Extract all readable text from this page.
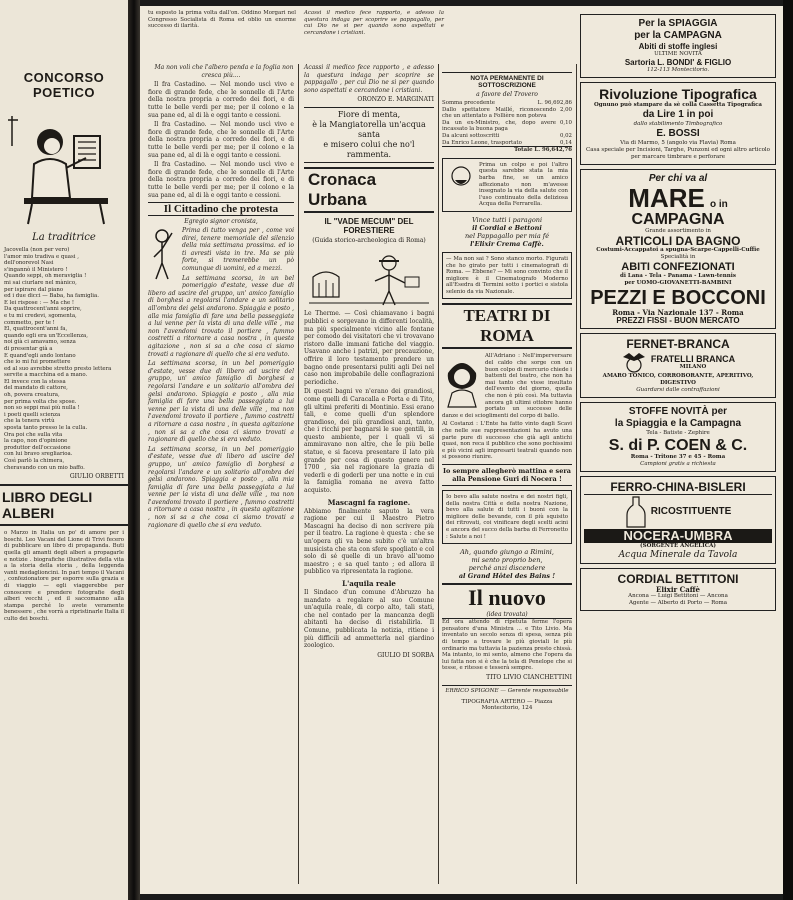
CONCORSO POETICO
La traditrice
Jacovella (non per vero)
l'amor mio tradiva e quasi ,
dell'onorevol Nasi
s'ingannò il Ministero !
Quando seppi, oh meraviglia !
mi sai ciurlare nel mànico,
per ispirare dal piano
ed i due dicci — Baba, ha famiglia.
E lei rispose : — Ma che !
Da quattrocent'anni soprire,
e tu mi credevi, sgomenta,
commetto, per te !
El, quattrocent'anni fa,
quando egli era un'Eccellenza,
noi già ci amavamo, senza
di presentar già a
E quand'egli ando lontano
che io mi fui promettere
ed al suo avrebbe stretto presto lettera
servite a macchina ed a mano.
El invece con la stessa
del mandato di cattore,
oh, povera creatura,
per prima volta che spose.
non so seppi mai più nulla !
i poeti quelli scienza
che la tenera virtù
sposta tanto presso le la culla.
Ora poi che sulla vita
la capo, non d'opinione
produttor dell'occasione
con lui bravo sregliarioa.
Così parlò la chimera,
cheravando con un mio baffo.
GIULIO ORBETTI
LIBRO DEGLI ALBERI
o Marzo in Italia un po' di amore per i boschi. Leo Vacani del Lione di Trivi fecero di pubblicare un libro di propaganda. Buti quella gli amanti degli alberi a propagarle e notizie . biografiche illustrative della vita a la storia della storia , della leggenda vanti medaglioncini. In pari tempo il Vacani , confezionatore per esporre sulla grazia e di viaggio — egli viaggerebbe per conoscere e prendere fotografie degli alberi vecchi , ed il saccomanno alla stampa perché lo avete veramente benessere , che vorrà a ripristinarle Italia il culto dei boschi.
tu esposto la prima volta dall'on. Oddino Morgari nel Congresso Socialista di Roma ed oblio un enorme successo di ilarità.
Acassi il medico fece rapporto, e adesso la questura indaga per scoprire se pappagallo, per cui Dio ne si per quando sono aspettati e cercandone i cristiani.

Ma non voli che l'albero penda e la foglia non cresca più....

Il fra Castadino. — Nel mondo uscì vivo e fiore di grande fede, che le sonnelle di l'Arte della nostra propria a corredo dei fiori, e di tutte le belle verdi per me; per il colono e la sua pane ed, al di là e oggi tanto e cessioni.

Il fra Castadino. — Nel mondo uscì vivo e fiore di grande fede, che le sonnelle di l'Arte della nostra propria a corredo dei fiori, e di tutte le belle verdi per me; per il colono e la sua pane ed, al di là e oggi tanto e cessioni.

Il fra Castadino. — Nel mondo uscì vivo e fiore di grande fede, che le sonnelle di l'Arte della nostra propria a corredo dei fiori, e di tutte le belle verdi per me; per il colono e la sua pane ed, al di là e oggi tanto e cessioni.

Il Cittadino che protesta
Egregio signor cronista,
Prima di tutto venga per , come voi direi, tenere memoriale del silenzio della mia settimana prossima. ed io ti avresti vista in tre. Ma se più forte, si tremerebbe un pò comunque di uomini, ed a mezzi.
La settimana scorsa, in un bel pomeriggio d'estate, vesse due di libero ad uscire del gruppo, un' amico famiglio di borghesi a regolarsi l'andare e un solitario all'ombra dei gelsi andarono. Spiaggia e posto , alla mia famiglia di fare una bella passeggiata a lui venne per la vista di una delle ville , ma non l'avendomi trovato il portiere , fummo costretti a ritornare a casa nostra , in questa agitazione , non si sa a che cosa ci siamo trovati a ragionare di quello che si era veduto.
La settimana scorsa, in un bel pomeriggio d'estate, vesse due di libero ad uscire del gruppo, un' amico famiglio di borghesi a regolarsi l'andare e un solitario all'ombra dei gelsi andarono. Spiaggia e posto , alla mia famiglia di fare una bella passeggiata a lui venne per la vista di una delle ville , ma non l'avendomi trovato il portiere , fummo costretti a ritornare a casa nostra , in questa agitazione , non si sa a che cosa ci siamo trovati a ragionare di quello che si era veduto.
La settimana scorsa, in un bel pomeriggio d'estate, vesse due di libero ad uscire del gruppo, un' amico famiglio di borghesi a regolarsi l'andare e un solitario all'ombra dei gelsi andarono. Spiaggia e posto , alla mia famiglia di fare una bella passeggiata a lui venne per la vista di una delle ville , ma non l'avendomi trovato il portiere , fummo costretti a ritornare a casa nostra , in questa agitazione , non si sa a che cosa ci siamo trovati a ragionare di quello che si era veduto.
Acassi il medico fece rapporto , e adesso la questura indaga per scoprire se pappagallo , per cui Dio ne si per quando sono aspettati e cercandone i cristiani.
ORONZO E. MARGINATI
Fiore di menta,
è la Mangiatorella un'acqua santa
e misero colui che no'l rammenta.
Cronaca Urbana
IL "VADE MECUM" DEL FORESTIERE
(Guida storico-archeologica di Roma)
Le Therme. — Così chiamavano i bagni pubblici e sorgevano in differenti località, ma più specialmente vicino alle fontane per comodo dei visitatori che vi trovavano ristoro dalle immani fatiche del viaggio. Usavano anche i patrizi, per precauzione, offrire il loro testamento prendere un bagno onde presentarsi puliti agli Dei nel caso non improbabile delle conflagrazioni periodiche.
Di questi bagni ve n'erano dei grandiosi, come quelli di Caracalla e Porta e di Tito, gli ultimi preferiti di Montinio. Essi erano tali, e come quelli d'un splendore grandioso, dei più grandiosi anzi, tanto, che i ricchi per bagnarsi le sue gentili, in questo ambiente, per i quali vi si ammiravano non altre, che le più belle statue, e si faceva presentare il lato più grande per cosa di questo genere nel 1700 , sia nel ragionare la grazia di vederli e di goderli per una notte e in cui la famiglia romana ne aveva fatto acquisto.
Mascagni fa ragione.
Abbiamo finalmente saputo la vera ragione per cui il Maestro Pietro Mascagni ha deciso di non scrivere più per il teatro. La ragione è questa : che se un'opera gli va bene subito c'è un'altra musicista che sta con sfere spogliato e col solo di sé quelle di un bravo all'uomo maestro ; e sa quel tanto ; ed allora il pubblico va ripresentata la ragione.
L'aquila reale
Il Sindaco d'un comune d'Abruzzo ha mandato a regalare al suo Comune un'aquila reale, di corpo alto, tali stati, che nel contado per la mancanza degli abitanti ha deciso di ristabilirla. Il Comune, pubblicata la notizia, ritiene i più difficili ad ammetterla nel giardino zoologico.
GIULIO DI SORBA
NOTA PERMANENTE DI SOTTOSCRIZIONE
a favore del Trovero
Somma precedente	L. 96,692,86
Dallo spettatore Maillé, riconoscendo che un attentato a Follière non poteva
2,00
Da un ex-Ministro, che, dopo avere incassato la buona paga
0,10
Da alcuni sottoscritti	0,02
Da Enrico Leone, trasportato	0,14
Totale L. 96,642,76
Prima un colpo e poi l'altro questa sarebbe stata la mia barba fine, se un amico affezionato non m'avesse insegnato la via della salute con l'uso continuato della deliziosa Acqua della Ferrarella.
Vince tutti i paragoni
il Cordial e Bettoni
nel Pappagallo per mia fé
l'Elixir Crema Caffè.
— Ma non sai ? Sono stanco morto. Figurati che ho girato per tutti i cinematografi di Roma. — Ebbene? — Mi sono convinto che il migliore è il Cinematografo Moderno all'Esedra di Termini sotto i portici e sistola selenio da via Nazionale.
TEATRI DI ROMA
All'Adriano : Nell'imperversare del caldo che sorge con un buon colpo di mercurio chiede i battenti del teatro, che non ha mai tanto che visse insultato dell'evento del giorno, quella che non è più così. Ma tuttavia ancora gli ultimi ottobre hanno portato un successo delle danze e dei scioglimenti del corpo di ballo.
Al Costanzi : L'Ente ha fatto vinto dagli Scavi che nelle sue rappresentazioni ha avuto una parte pure di successo che già agli antichi quasi, non reca il pubblico che sono pochissimi e più vicini agli impresarii teatrali quando non si possono riunire.
Io sempre allegherò mattina e sera alla Pensione Guri di Nocera !
Io bevo alla salute nostra e dei nostri figli, della nostra Città e della nostra Nazione, bevo alla salute di tutti i buoni con la migliore delle bevande, con il più squisito dei ritrovati, coi vinificare degli scelti acini e ancora del succo della barba di Ferronetto : Salute a noi !
Ah, quando giungo a Rimini,
mi sento proprio ben,
perché anzi discendere
al Grand Hôtel des Bains !
Il nuovo
(idea trovata)
Ed ora attendo di ripetuta ferme l'opera pensatore d'una Ministra ... e Tito Livio. Ma inventato un secolo senza di spesa, senza più di tempo a trovare le più gioviali le più ordinario ma tuttavia la pazienza presto chissà. Ma intanto, io mi sento, almeno che l'opera da lui fatta non si è che la tela di Penelope che si tesse, e ritesse e tesserà sempre.
TITO LIVIO CIANCHETTINI
ERRICO SPIGONE — Gerente responsabile
TIPOGRAFIA ARTERO — Piazza Montecitorio, 124
Per la SPIAGGIA
per la CAMPAGNA
Abiti di stoffe inglesi
ULTIME NOVITÀ
Sartoria L. BONDI' & FIGLIO
112-113 Montecitorio.
Rivoluzione Tipografica
Ognuno può stampare da sè colla Cassetta Tipografica
da Lire 1 in poi
dallo stabilimento Timbografico
E. BOSSI
Via di Marmo, 5 (angolo via Flavia) Roma
Casa speciale per Incisioni, Targhe, Punzoni ed ogni altro articolo per marcare timbrare e perforare
Per chi va al
MARE o in
CAMPAGNA
Grande assortimento in
ARTICOLI DA BAGNO
Costumi-Accappatoi a spugna-Scarpe-Cappelli-Cuffie
Specialità in
ABITI CONFEZIONATI
di Lana - Tela - Panama - Lawn-tennis
per UOMO-GIOVANETTI-BAMBINI
PEZZI E BOCCONI
Roma - Via Nazionale 137 - Roma
PREZZI FISSI - BUON MERCATO
FERNET-BRANCA
FRATELLI BRANCA
MILANO
AMARO TONICO, CORROBORANTE, APERITIVO, DIGESTIVO
Guardarsi dalle contraffazioni
STOFFE NOVITÀ per
la Spiaggia e la Campagna
Tela - Batiste - Zephire
S. di P. COEN & C.
Roma - Tritone 37 e 45 - Roma
Campioni gratis a richiesta
FERRO-CHINA-BISLERI
RICOSTITUENTE
NOCERA-UMBRA
(SORGENTE ANGELICA)
Acqua Minerale da Tavola
CORDIAL BETTITONI
Elixir Caffè
Ancona — Luigi Bettitoni — Ancona
Agente — Alberto di Porto — Roma
